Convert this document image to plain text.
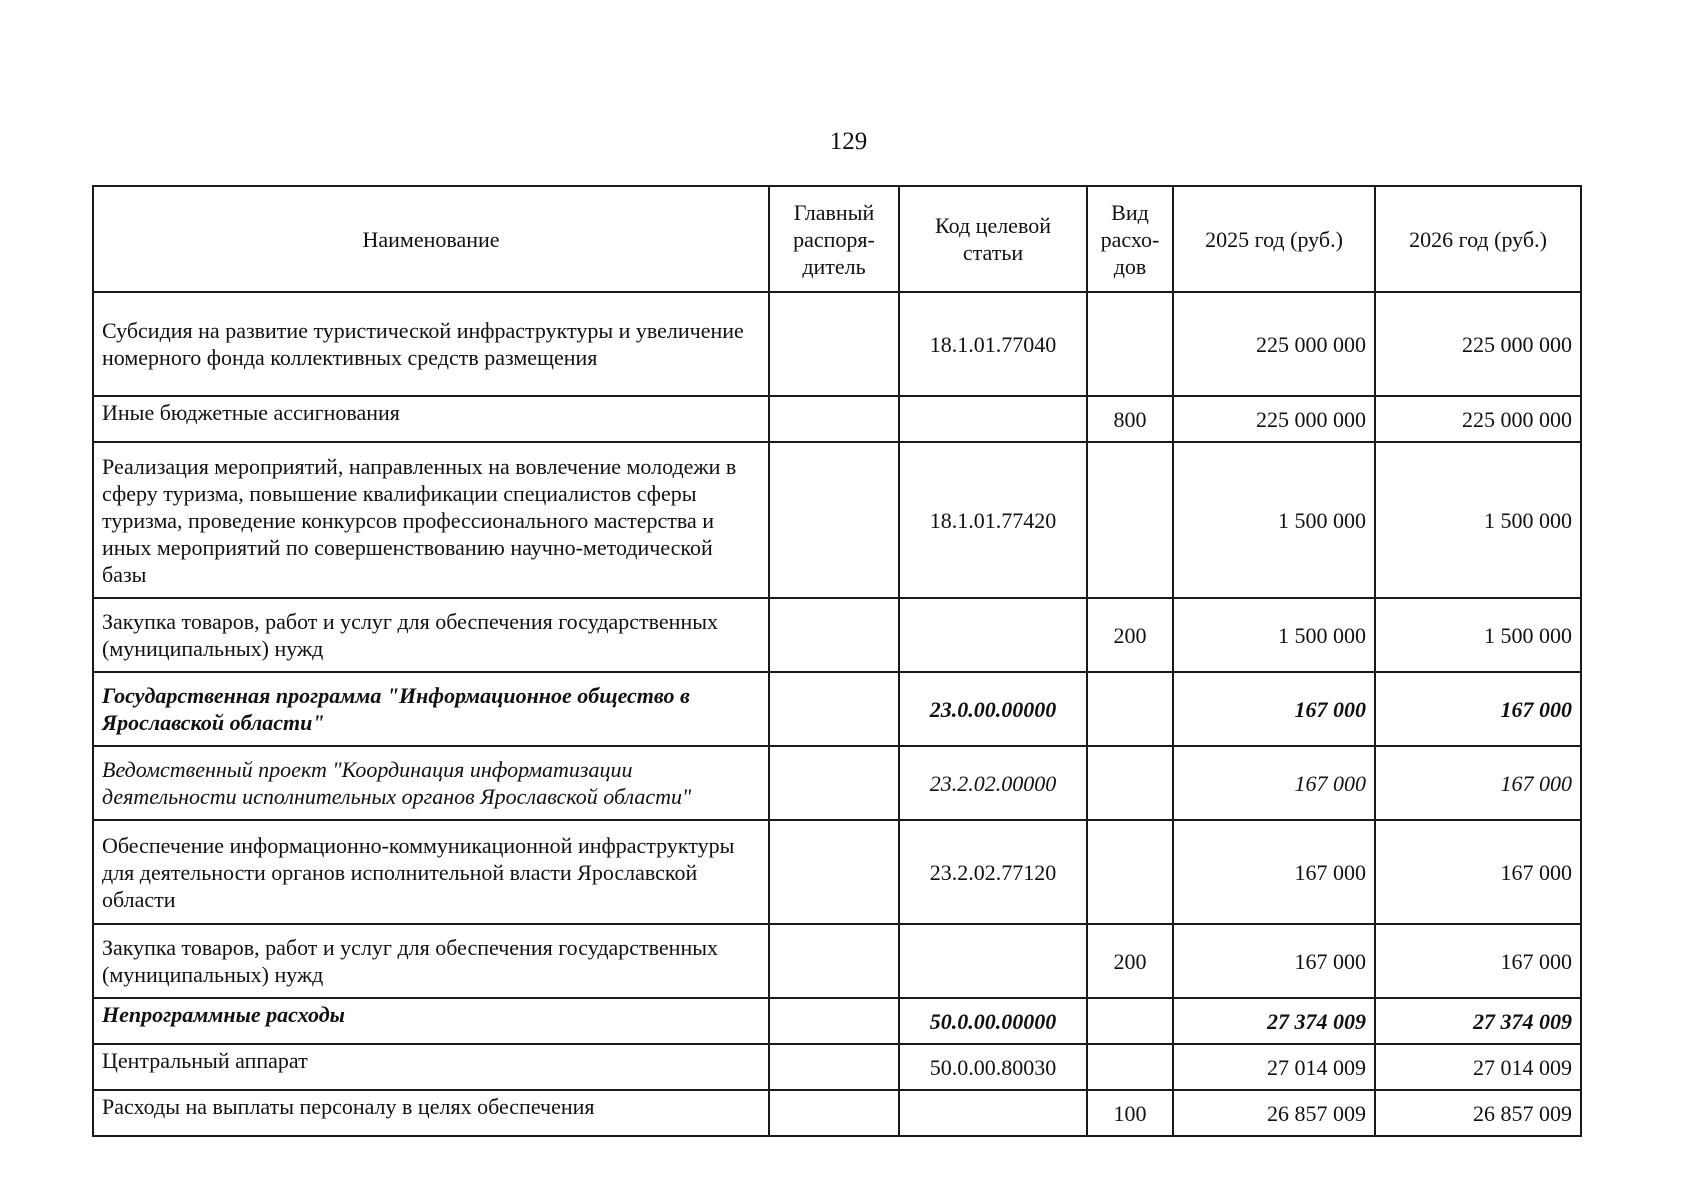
129
Наименование	Главный распоря-дитель	Код целевой статьи	Вид расхо-дов	2025 год (руб.)	2026 год (руб.)
Субсидия на развитие туристической инфраструктуры и увеличение номерного фонда коллективных средств размещения		18.1.01.77040		225 000 000	225 000 000
Иные бюджетные ассигнования			800	225 000 000	225 000 000
Реализация мероприятий, направленных на вовлечение молодежи в сферу туризма, повышение квалификации специалистов сферы туризма, проведение конкурсов профессионального мастерства и иных мероприятий по совершенствованию научно-методической базы		18.1.01.77420		1 500 000	1 500 000
Закупка товаров, работ и услуг для обеспечения государственных (муниципальных) нужд			200	1 500 000	1 500 000
Государственная программа "Информационное общество в Ярославской области"		23.0.00.00000		167 000	167 000
Ведомственный проект "Координация информатизации деятельности исполнительных органов Ярославской области"		23.2.02.00000		167 000	167 000
Обеспечение информационно-коммуникационной инфраструктуры для деятельности органов исполнительной власти Ярославской области		23.2.02.77120		167 000	167 000
Закупка товаров, работ и услуг для обеспечения государственных (муниципальных) нужд			200	167 000	167 000
Непрограммные расходы		50.0.00.00000		27 374 009	27 374 009
Центральный аппарат		50.0.00.80030		27 014 009	27 014 009
Расходы на выплаты персоналу в целях обеспечения			100	26 857 009	26 857 009
